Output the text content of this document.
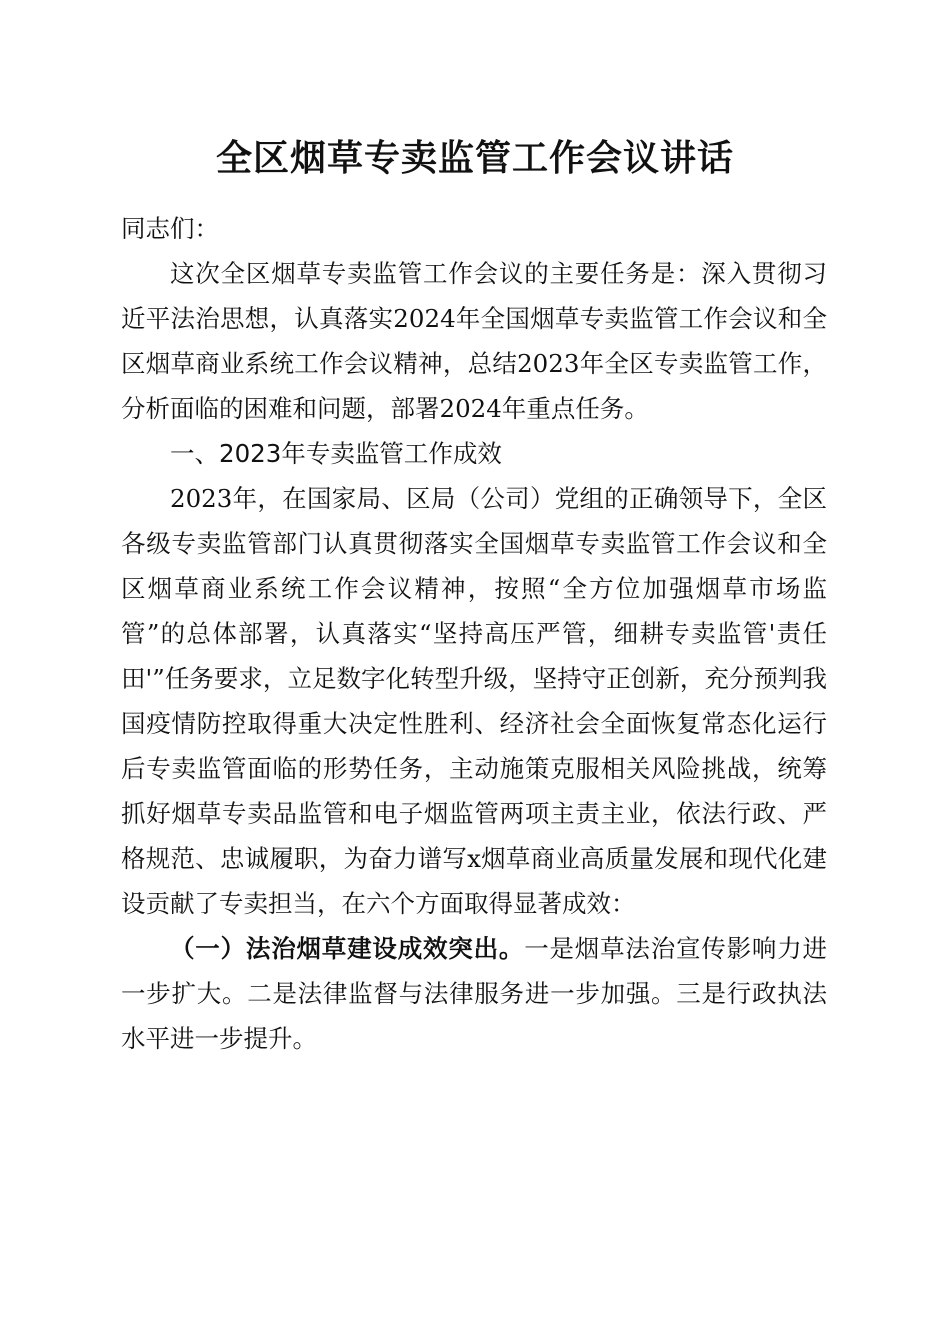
全区烟草专卖监管工作会议讲话

同志们：

这次全区烟草专卖监管工作会议的主要任务是：深入贯彻习近平法治思想，认真落实2024年全国烟草专卖监管工作会议和全区烟草商业系统工作会议精神，总结2023年全区专卖监管工作，分析面临的困难和问题，部署2024年重点任务。

一、2023年专卖监管工作成效

2023年，在国家局、区局（公司）党组的正确领导下，全区各级专卖监管部门认真贯彻落实全国烟草专卖监管工作会议和全区烟草商业系统工作会议精神，按照“全方位加强烟草市场监管”的总体部署，认真落实“坚持高压严管，细耕专卖监管'责任田'”任务要求，立足数字化转型升级，坚持守正创新，充分预判我国疫情防控取得重大决定性胜利、经济社会全面恢复常态化运行后专卖监管面临的形势任务，主动施策克服相关风险挑战，统筹抓好烟草专卖品监管和电子烟监管两项主责主业，依法行政、严格规范、忠诚履职，为奋力谱写x烟草商业高质量发展和现代化建设贡献了专卖担当，在六个方面取得显著成效：

（一）法治烟草建设成效突出。一是烟草法治宣传影响力进一步扩大。二是法律监督与法律服务进一步加强。三是行政执法水平进一步提升。
